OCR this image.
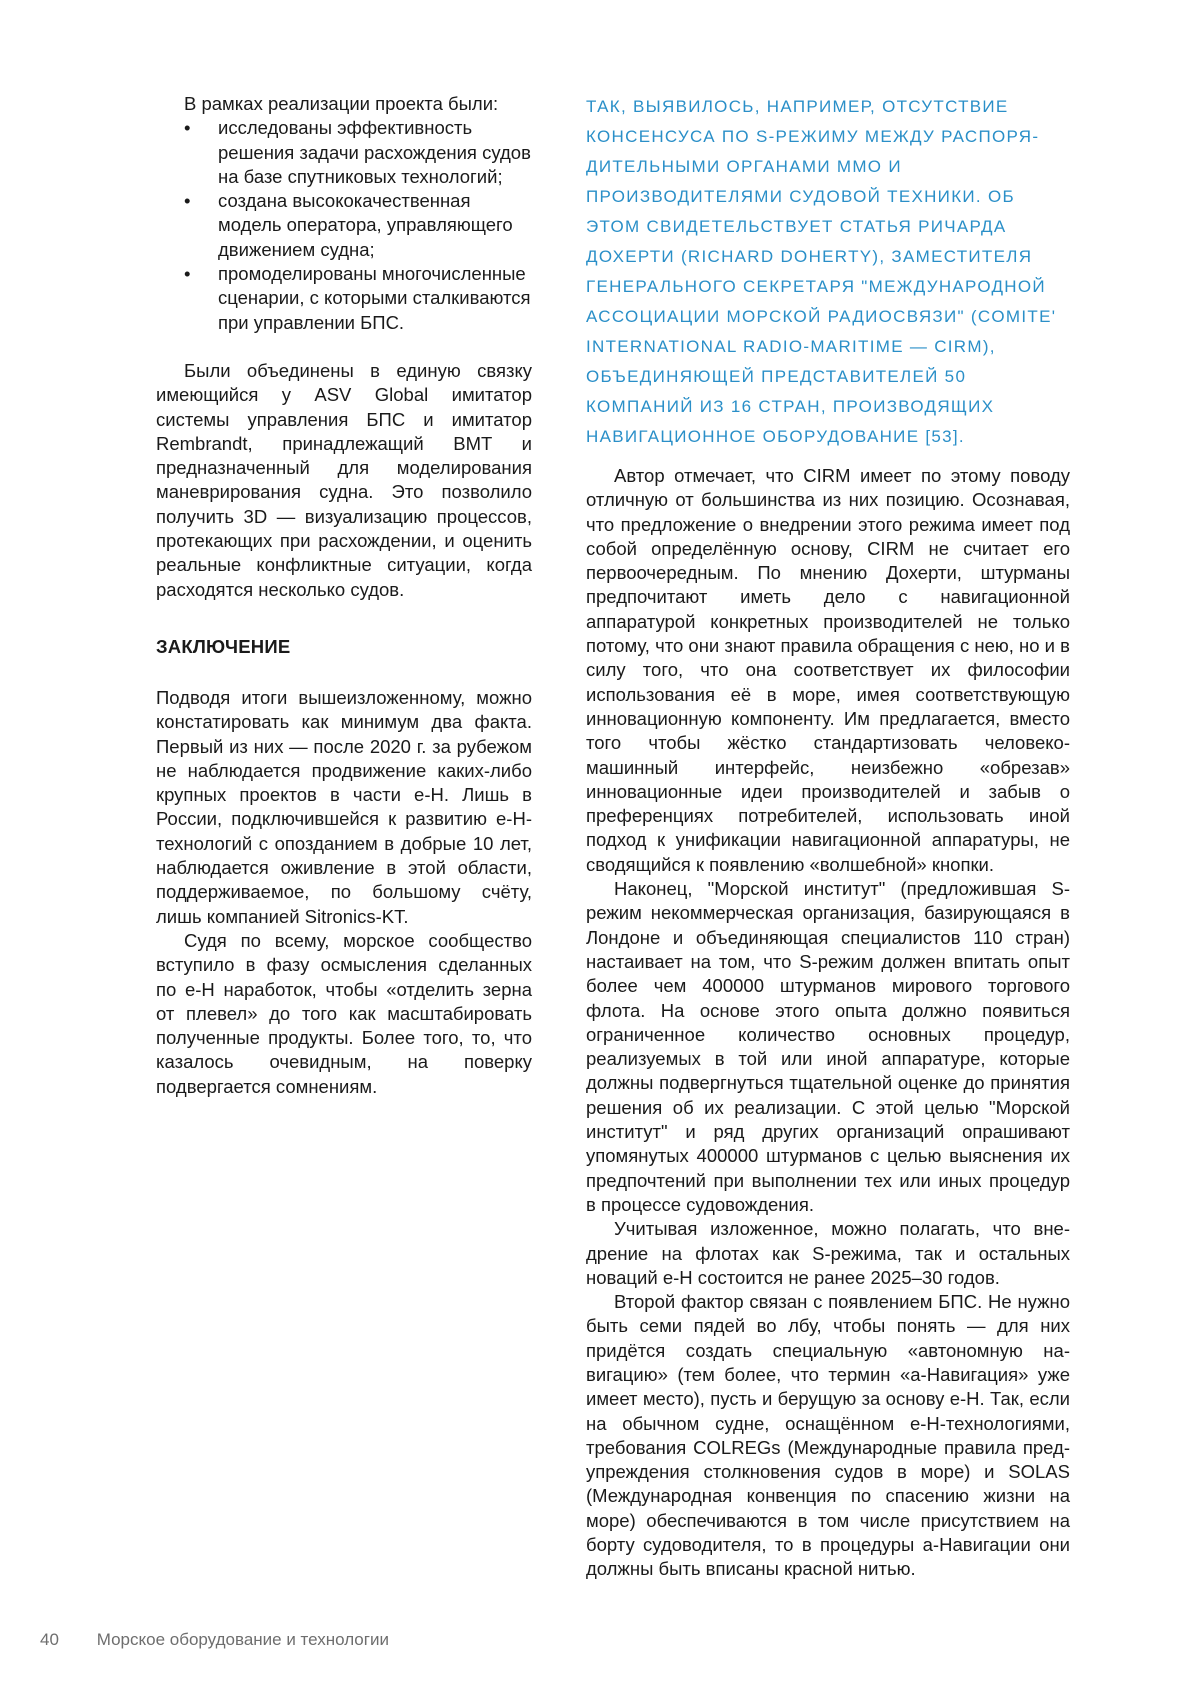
В рамках реализации проекта были:

• исследованы эффективность решения задачи расхождения судов на базе спутниковых технологий;
• создана высококачественная модель оператора, управляющего движением судна;
• промоделированы многочисленные сценарии, с которыми сталкиваются при управлении БПС.

Были объединены в единую связку имеющийся у ASV Global имитатор системы управления БПС и имитатор Rembrandt, принадлежащий BMT и предназначенный для моделирования маневрирования судна. Это позволило получить 3D — визуализацию процессов, протекающих при расхождении, и оценить реальные конфликтные ситуации, когда расходятся несколько судов.

ЗАКЛЮЧЕНИЕ

Подводя итоги вышеизложенному, можно констатировать как минимум два факта. Первый из них — после 2020 г. за рубежом не наблюдается продвижение каких-либо крупных проектов в части е-Н. Лишь в России, подключившейся к развитию е-Н-технологий с опозданием в добрые 10 лет, наблюдается оживление в этой области, поддерживаемое, по большому счёту, лишь компанией Sitronics-KT.

Судя по всему, морское сообщество вступило в фазу осмысления сделанных по е-Н наработок, чтобы «отделить зерна от плевел» до того как масштабировать полученные продукты. Более того, то, что казалось очевидным, на поверку подвергается сомнениям.

ТАК, ВЫЯВИЛОСЬ, НАПРИМЕР, ОТСУТСТВИЕ КОНСЕНСУСА ПО S-РЕЖИМУ МЕЖДУ РАСПОРЯ-ДИТЕЛЬНЫМИ ОРГАНАМИ ММО И ПРОИЗВОДИТЕЛЯМИ СУДОВОЙ ТЕХНИКИ. ОБ ЭТОМ СВИДЕТЕЛЬСТВУЕТ СТАТЬЯ РИЧАРДА ДОХЕРТИ (RICHARD DOHERTY), ЗАМЕСТИТЕЛЯ ГЕНЕРАЛЬНОГО СЕКРЕТАРЯ "МЕЖДУНАРОДНОЙ АССОЦИАЦИИ МОРСКОЙ РАДИОСВЯЗИ" (COMITE' INTERNATIONAL RADIO-MARITIME — CIRM), ОБЪЕДИНЯЮЩЕЙ ПРЕДСТАВИТЕЛЕЙ 50 КОМПАНИЙ ИЗ 16 СТРАН, ПРОИЗВОДЯЩИХ НАВИГАЦИОННОЕ ОБОРУДОВАНИЕ [53].

Автор отмечает, что CIRM имеет по этому поводу отличную от большинства из них позицию. Осознавая, что предложение о внедрении этого режима имеет под собой определённую основу, CIRM не считает его первоочередным. По мнению Дохерти, штурманы предпочитают иметь дело с навигационной аппаратурой конкретных производителей не только потому, что они знают правила обращения с нею, но и в силу того, что она соответствует их философии использования её в море, имея соответствующую инновационную компоненту. Им предлагается, вместо того чтобы жёстко стандартизовать человеко-машинный интерфейс, неизбежно «обрезав» инновационные идеи производителей и забыв о преференциях потребителей, использовать иной подход к унификации навигационной аппаратуры, не сводящийся к появлению «волшебной» кнопки.

Наконец, "Морской институт" (предложившая S-режим некоммерческая организация, базирующаяся в Лондоне и объединяющая специалистов 110 стран) настаивает на том, что S-режим должен впитать опыт более чем 400000 штурманов мирового торгового флота. На основе этого опыта должно появиться ограниченное количество основных процедур, реализуемых в той или иной аппаратуре, которые должны подвергнуться тщательной оценке до принятия решения об их реализации. С этой целью "Морской институт" и ряд других организаций опрашивают упомянутых 400000 штурманов с целью выяснения их предпочтений при выполнении тех или иных процедур в процессе судовождения.

Учитывая изложенное, можно полагать, что внедрение на флотах как S-режима, так и остальных новаций е-Н состоится не ранее 2025–30 годов.

Второй фактор связан с появлением БПС. Не нужно быть семи пядей во лбу, чтобы понять — для них придётся создать специальную «автономную навигацию» (тем более, что термин «а-Навигация» уже имеет место), пусть и берущую за основу е-Н. Так, если на обычном судне, оснащённом е-Н-технологиями, требования COLREGs (Международные правила предупреждения столкновения судов в море) и SOLAS (Международная конвенция по спасению жизни на море) обеспечиваются в том числе присутствием на борту судоводителя, то в процедуры а-Навигации они должны быть вписаны красной нитью.

40 Морское оборудование и технологии
